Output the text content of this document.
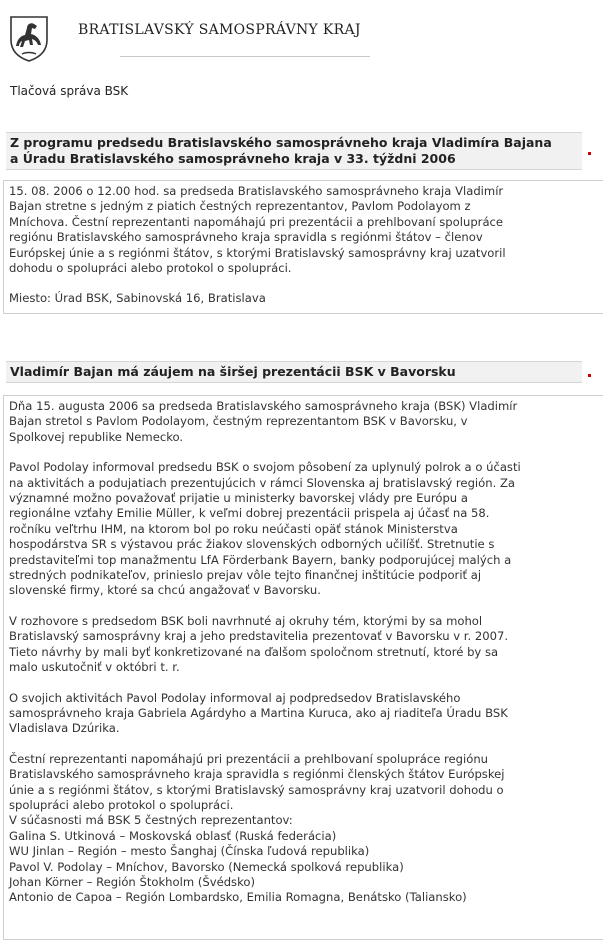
BRATISLAVSKÝ SAMOSPRÁVNY KRAJ
Tlačová správa BSK
Z programu predsedu Bratislavského samosprávneho kraja Vladimíra Bajana
a Úradu Bratislavského samosprávneho kraja v 33. týždni 2006

15. 08. 2006 o 12.00 hod. sa predseda Bratislavského samosprávneho kraja Vladimír

Bajan stretne s jedným z piatich čestných reprezentantov, Pavlom Podolayom z

Mníchova. Čestní reprezentanti napomáhajú pri prezentácii a prehlbovaní spolupráce

regiónu Bratislavského samosprávneho kraja spravidla s regiónmi štátov – členov

Európskej únie a s regiónmi štátov, s ktorými Bratislavský samosprávny kraj uzatvoril

dohodu o spolupráci alebo protokol o spolupráci.

Miesto: Úrad BSK, Sabinovská 16, Bratislava

Vladimír Bajan má záujem na širšej prezentácii BSK v Bavorsku

Dňa 15. augusta 2006 sa predseda Bratislavského samosprávneho kraja (BSK) Vladimír

Bajan stretol s Pavlom Podolayom, čestným reprezentantom BSK v Bavorsku, v

Spolkovej republike Nemecko.

Pavol Podolay informoval predsedu BSK o svojom pôsobení za uplynulý polrok a o účasti

na aktivitách a podujatiach prezentujúcich v rámci Slovenska aj bratislavský región. Za

významné možno považovať prijatie u ministerky bavorskej vlády pre Európu a

regionálne vzťahy Emilie Müller, k veľmi dobrej prezentácii prispela aj účasť na 58.

ročníku veľtrhu IHM, na ktorom bol po roku neúčasti opäť stánok Ministerstva

hospodárstva SR s výstavou prác žiakov slovenských odborných učilíšť. Stretnutie s

predstaviteľmi top manažmentu LfA Förderbank Bayern, banky podporujúcej malých a

stredných podnikateľov, prinieslo prejav vôle tejto finančnej inštitúcie podporiť aj

slovenské firmy, ktoré sa chcú angažovať v Bavorsku.

V rozhovore s predsedom BSK boli navrhnuté aj okruhy tém, ktorými by sa mohol

Bratislavský samosprávny kraj a jeho predstavitelia prezentovať v Bavorsku v r. 2007.

Tieto návrhy by mali byť konkretizované na ďalšom spoločnom stretnutí, ktoré by sa

malo uskutočniť v októbri t. r.

O svojich aktivitách Pavol Podolay informoval aj podpredsedov Bratislavského

samosprávneho kraja Gabriela Agárdyho a Martina Kuruca, ako aj riaditeľa Úradu BSK

Vladislava Dzúrika.

Čestní reprezentanti napomáhajú pri prezentácii a prehlbovaní spolupráce regiónu

Bratislavského samosprávneho kraja spravidla s regiónmi členských štátov Európskej

únie a s regiónmi štátov, s ktorými Bratislavský samosprávny kraj uzatvoril dohodu o

spolupráci alebo protokol o spolupráci.

V súčasnosti má BSK 5 čestných reprezentantov:

Galina S. Utkinová – Moskovská oblasť (Ruská federácia)

WU Jinlan – Región – mesto Šanghaj (Čínska ľudová republika)

Pavol V. Podolay – Mníchov, Bavorsko (Nemecká spolková republika)

Johan Körner – Región Štokholm (Švédsko)

Antonio de Capoa – Región Lombardsko, Emilia Romagna, Benátsko (Taliansko)
